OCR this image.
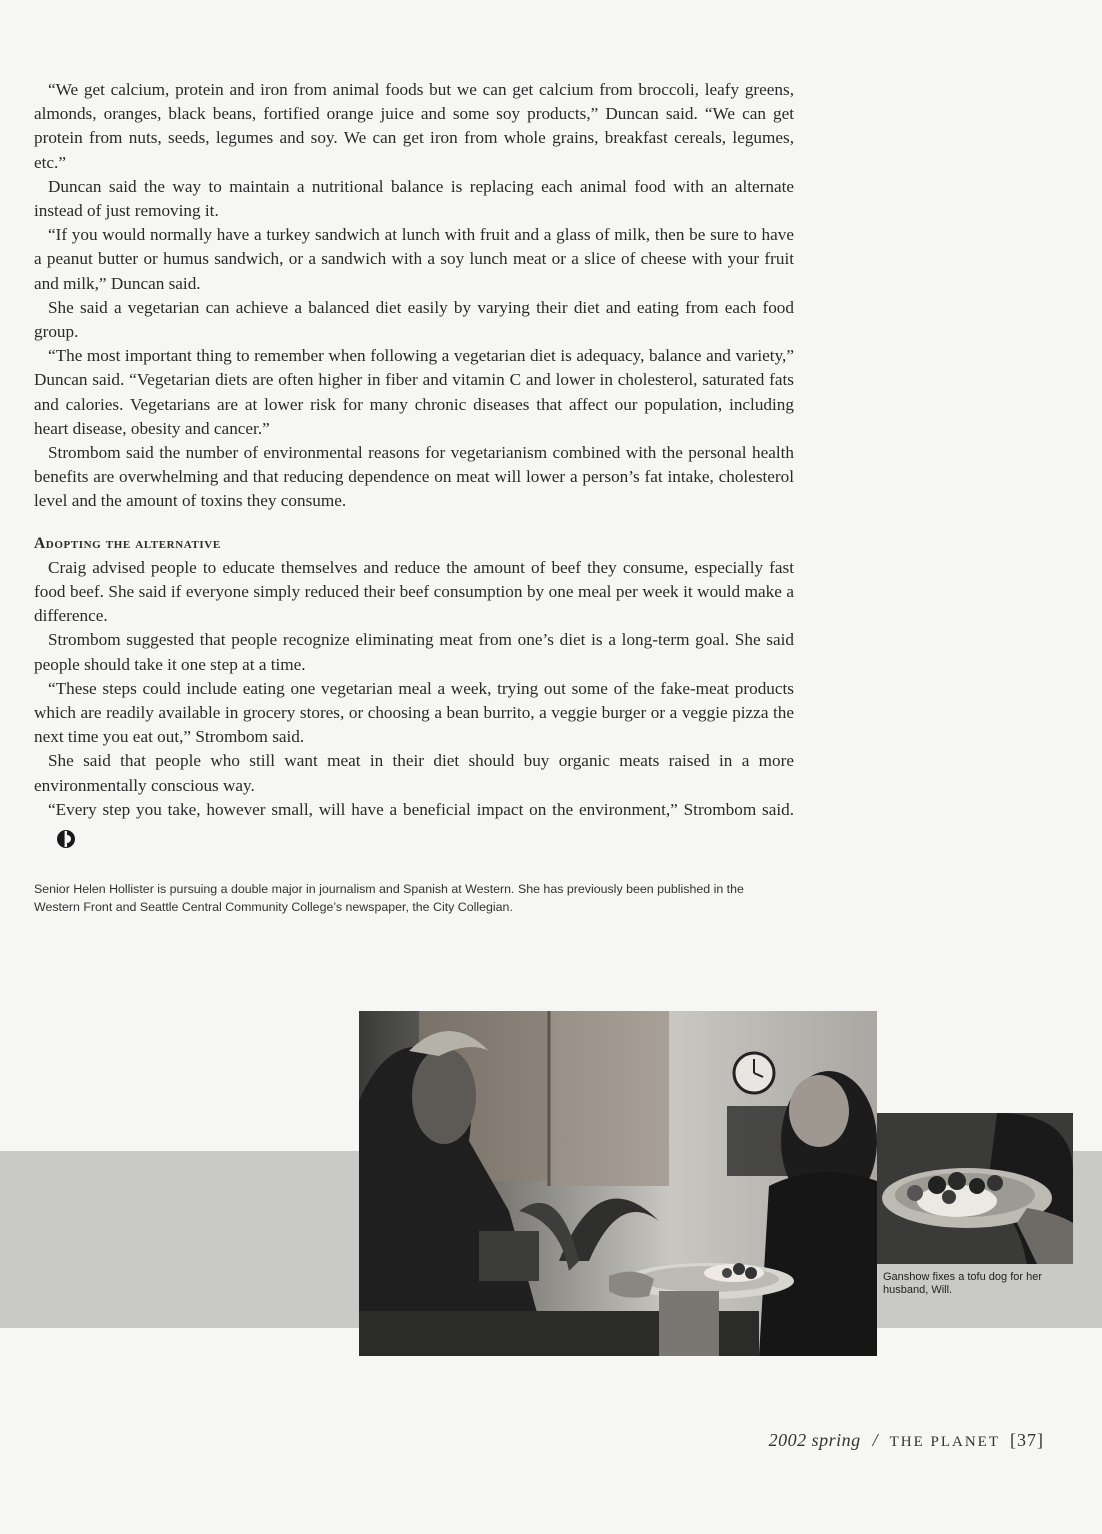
“We get calcium, protein and iron from animal foods but we can get calcium from broccoli, leafy greens, almonds, oranges, black beans, fortified orange juice and some soy products,” Duncan said. “We can get protein from nuts, seeds, legumes and soy. We can get iron from whole grains, breakfast cereals, legumes, etc.”

Duncan said the way to maintain a nutritional balance is replacing each animal food with an alternate instead of just removing it.

“If you would normally have a turkey sandwich at lunch with fruit and a glass of milk, then be sure to have a peanut butter or humus sandwich, or a sandwich with a soy lunch meat or a slice of cheese with your fruit and milk,” Duncan said.

She said a vegetarian can achieve a balanced diet easily by varying their diet and eating from each food group.

“The most important thing to remember when following a vegetarian diet is adequacy, balance and variety,” Duncan said. “Vegetarian diets are often higher in fiber and vitamin C and lower in cholesterol, saturated fats and calories. Vegetarians are at lower risk for many chronic diseases that affect our population, including heart disease, obesity and cancer.”

Strombom said the number of environmental reasons for vegetarianism combined with the personal health benefits are overwhelming and that reducing dependence on meat will lower a person’s fat intake, cholesterol level and the amount of toxins they consume.

Adopting the alternative

Craig advised people to educate themselves and reduce the amount of beef they consume, especially fast food beef. She said if everyone simply reduced their beef consumption by one meal per week it would make a difference.

Strombom suggested that people recognize eliminating meat from one’s diet is a long-term goal. She said people should take it one step at a time.

“These steps could include eating one vegetarian meal a week, trying out some of the fake-meat products which are readily available in grocery stores, or choosing a bean burrito, a veggie burger or a veggie pizza the next time you eat out,” Strombom said.

She said that people who still want meat in their diet should buy organic meats raised in a more environmentally conscious way.

“Every step you take, however small, will have a beneficial impact on the environment,” Strombom said.

Senior Helen Hollister is pursuing a double major in journalism and Spanish at Western. She has previously been published in the Western Front and Seattle Central Community College’s newspaper, the City Collegian.
Ganshow fixes a tofu dog for her husband, Will.
2002 spring / THE PLANET [37]
